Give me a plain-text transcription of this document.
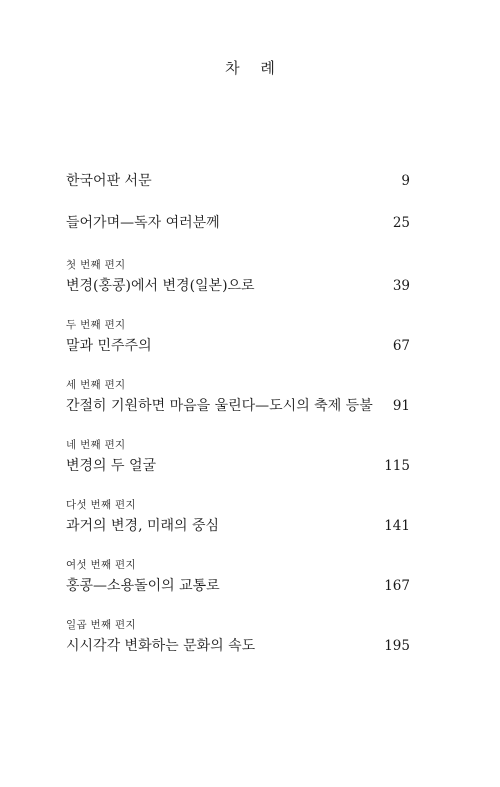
차 례
한국어판 서문	9
들어가며—독자 여러분께	25
첫 번째 편지
변경(홍콩)에서 변경(일본)으로	39
두 번째 편지
말과 민주주의	67
세 번째 편지
간절히 기원하면 마음을 울린다—도시의 축제 등불 91
네 번째 편지
변경의 두 얼굴	115
다섯 번째 편지
과거의 변경, 미래의 중심	141
여섯 번째 편지
홍콩—소용돌이의 교통로	167
일곱 번째 편지
시시각각 변화하는 문화의 속도	195
